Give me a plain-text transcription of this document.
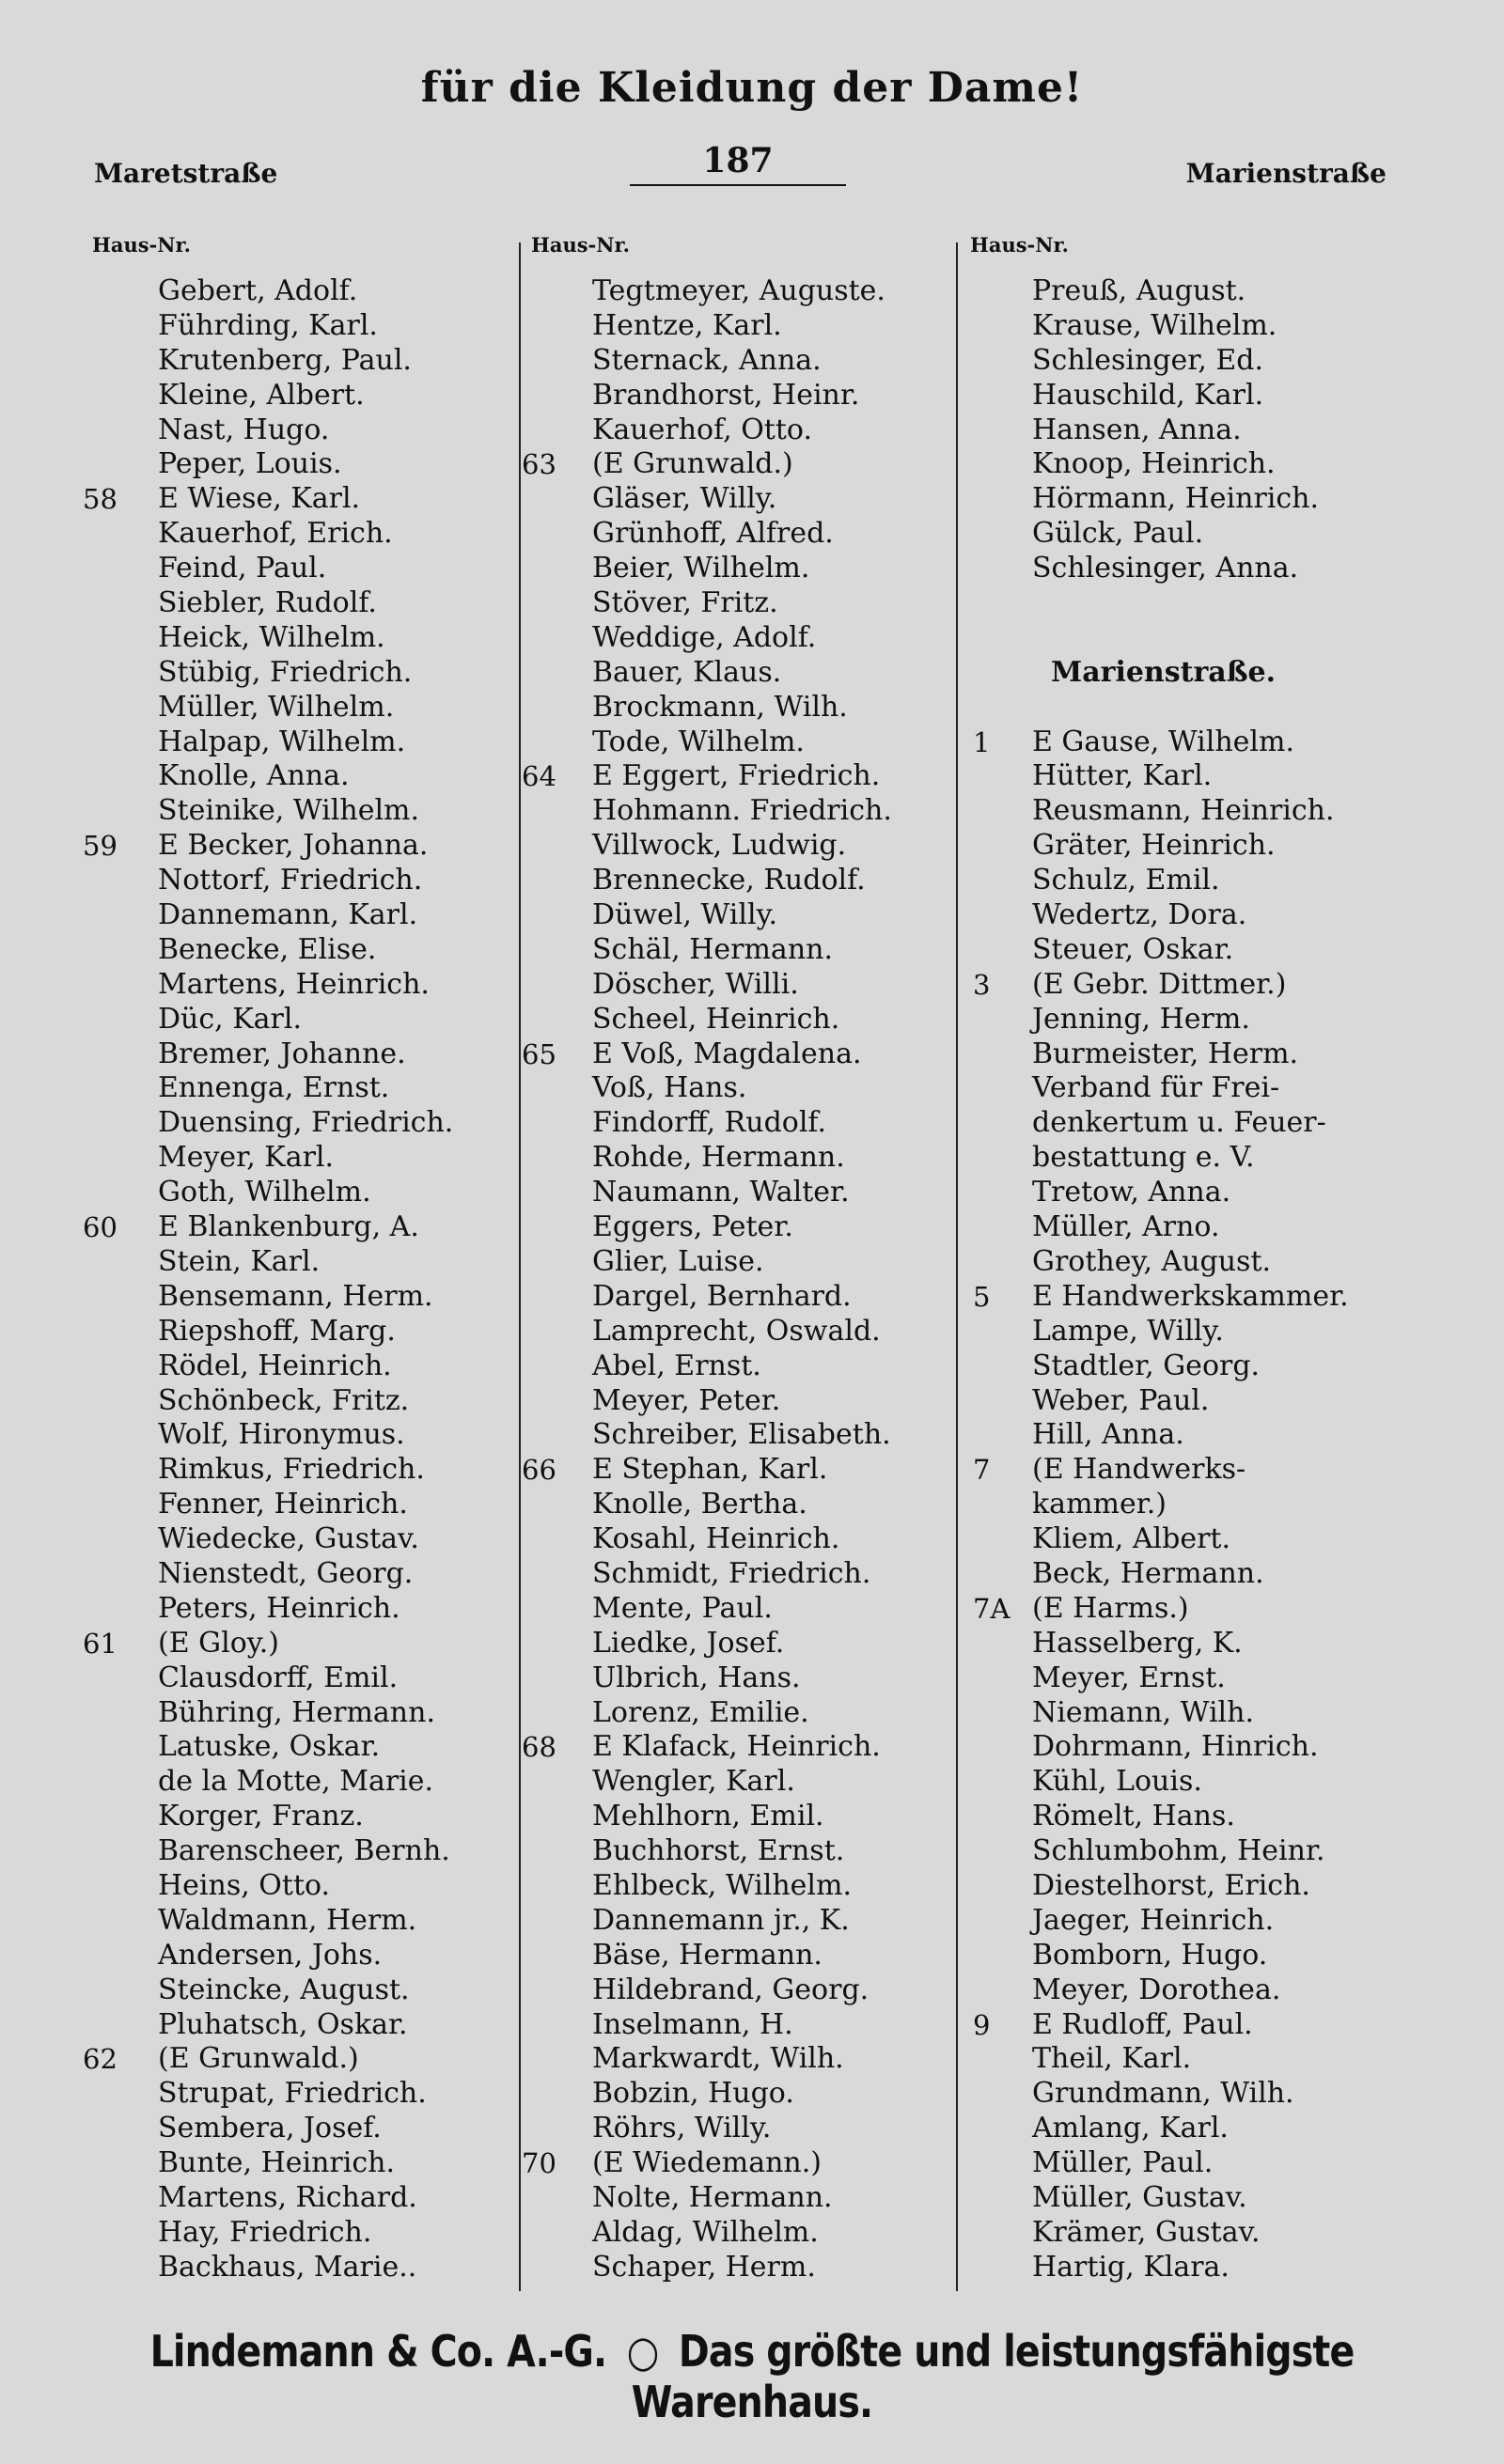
für die Kleidung der Dame!
Maretstraße	187	Marienstraße
Haus-Nr.	Haus-Nr.	Haus-Nr.
Gebert, Adolf.
Führding, Karl.
Krutenberg, Paul.
Kleine, Albert.
Nast, Hugo.
Peper, Louis.
58	E Wiese, Karl.
Kauerhof, Erich.
Feind, Paul.
Siebler, Rudolf.
Heick, Wilhelm.
Stübig, Friedrich.
Müller, Wilhelm.
Halpap, Wilhelm.
Knolle, Anna.
Steinike, Wilhelm.
59	E Becker, Johanna.
Nottorf, Friedrich.
Dannemann, Karl.
Benecke, Elise.
Martens, Heinrich.
Düc, Karl.
Bremer, Johanne.
Ennenga, Ernst.
Duensing, Friedrich.
Meyer, Karl.
Goth, Wilhelm.
60	E Blankenburg, A.
Stein, Karl.
Bensemann, Herm.
Riepshoff, Marg.
Rödel, Heinrich.
Schönbeck, Fritz.
Wolf, Hironymus.
Rimkus, Friedrich.
Fenner, Heinrich.
Wiedecke, Gustav.
Nienstedt, Georg.
Peters, Heinrich.
61	(E Gloy.)
Clausdorff, Emil.
Bühring, Hermann.
Latuske, Oskar.
de la Motte, Marie.
Korger, Franz.
Barenscheer, Bernh.
Heins, Otto.
Waldmann, Herm.
Andersen, Johs.
Steincke, August.
Pluhatsch, Oskar.
62	(E Grunwald.)
Strupat, Friedrich.
Sembera, Josef.
Bunte, Heinrich.
Martens, Richard.
Hay, Friedrich.
Backhaus, Marie..
Tegtmeyer, Auguste.
Hentze, Karl.
Sternack, Anna.
Brandhorst, Heinr.
Kauerhof, Otto.
63	(E Grunwald.)
Gläser, Willy.
Grünhoff, Alfred.
Beier, Wilhelm.
Stöver, Fritz.
Weddige, Adolf.
Bauer, Klaus.
Brockmann, Wilh.
Tode, Wilhelm.
64	E Eggert, Friedrich.
Hohmann. Friedrich.
Villwock, Ludwig.
Brennecke, Rudolf.
Düwel, Willy.
Schäl, Hermann.
Döscher, Willi.
Scheel, Heinrich.
65	E Voß, Magdalena.
Voß, Hans.
Findorff, Rudolf.
Rohde, Hermann.
Naumann, Walter.
Eggers, Peter.
Glier, Luise.
Dargel, Bernhard.
Lamprecht, Oswald.
Abel, Ernst.
Meyer, Peter.
Schreiber, Elisabeth.
66	E Stephan, Karl.
Knolle, Bertha.
Kosahl, Heinrich.
Schmidt, Friedrich.
Mente, Paul.
Liedke, Josef.
Ulbrich, Hans.
Lorenz, Emilie.
68	E Klafack, Heinrich.
Wengler, Karl.
Mehlhorn, Emil.
Buchhorst, Ernst.
Ehlbeck, Wilhelm.
Dannemann jr., K.
Bäse, Hermann.
Hildebrand, Georg.
Inselmann, H.
Markwardt, Wilh.
Bobzin, Hugo.
Röhrs, Willy.
70	(E Wiedemann.)
Nolte, Hermann.
Aldag, Wilhelm.
Schaper, Herm.
Preuß, August.
Krause, Wilhelm.
Schlesinger, Ed.
Hauschild, Karl.
Hansen, Anna.
Knoop, Heinrich.
Hörmann, Heinrich.
Gülck, Paul.
Schlesinger, Anna.
Marienstraße.
1	E Gause, Wilhelm.
Hütter, Karl.
Reusmann, Heinrich.
Gräter, Heinrich.
Schulz, Emil.
Wedertz, Dora.
Steuer, Oskar.
3	(E Gebr. Dittmer.)
Jenning, Herm.
Burmeister, Herm.
Verband für Frei-
denkertum u. Feuer-
bestattung e. V.
Tretow, Anna.
Müller, Arno.
Grothey, August.
5	E Handwerkskammer.
Lampe, Willy.
Stadtler, Georg.
Weber, Paul.
Hill, Anna.
7	(E Handwerks-
kammer.)
Kliem, Albert.
Beck, Hermann.
7A (E Harms.)
Hasselberg, K.
Meyer, Ernst.
Niemann, Wilh.
Dohrmann, Hinrich.
Kühl, Louis.
Römelt, Hans.
Schlumbohm, Heinr.
Diestelhorst, Erich.
Jaeger, Heinrich.
Bomborn, Hugo.
Meyer, Dorothea.
9	E Rudloff, Paul.
Theil, Karl.
Grundmann, Wilh.
Amlang, Karl.
Müller, Paul.
Müller, Gustav.
Krämer, Gustav.
Hartig, Klara.
Lindemann & Co. A.-G. ○ Das größte und leistungsfähigste Warenhaus.
